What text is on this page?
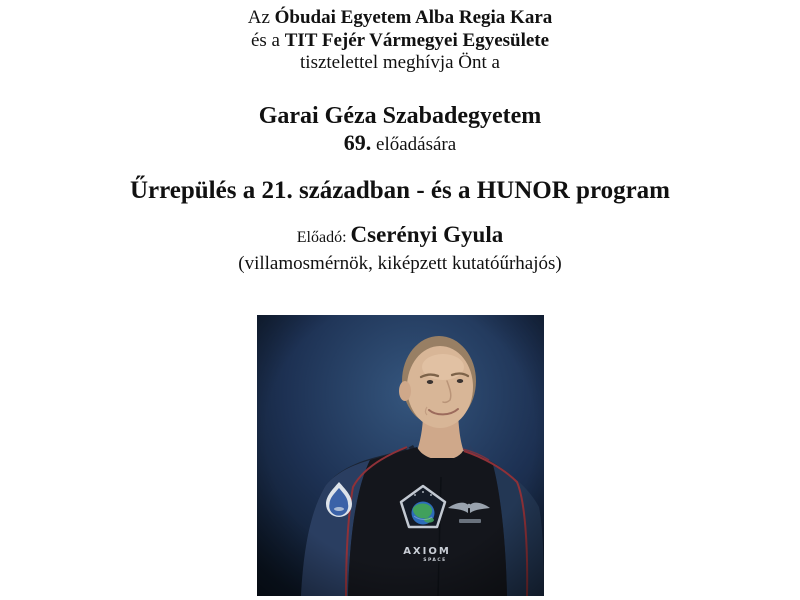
Az Óbudai Egyetem Alba Regia Kara
és a TIT Fejér Vármegyei Egyesülete
tisztelettel meghívja Önt a

Garai Géza Szabadegyetem

69. előadására

Űrrepülés a 21. században - és a HUNOR program

Előadó: Cserényi Gyula

(villamosmérnök, kiképzett kutatóűrhajós)
